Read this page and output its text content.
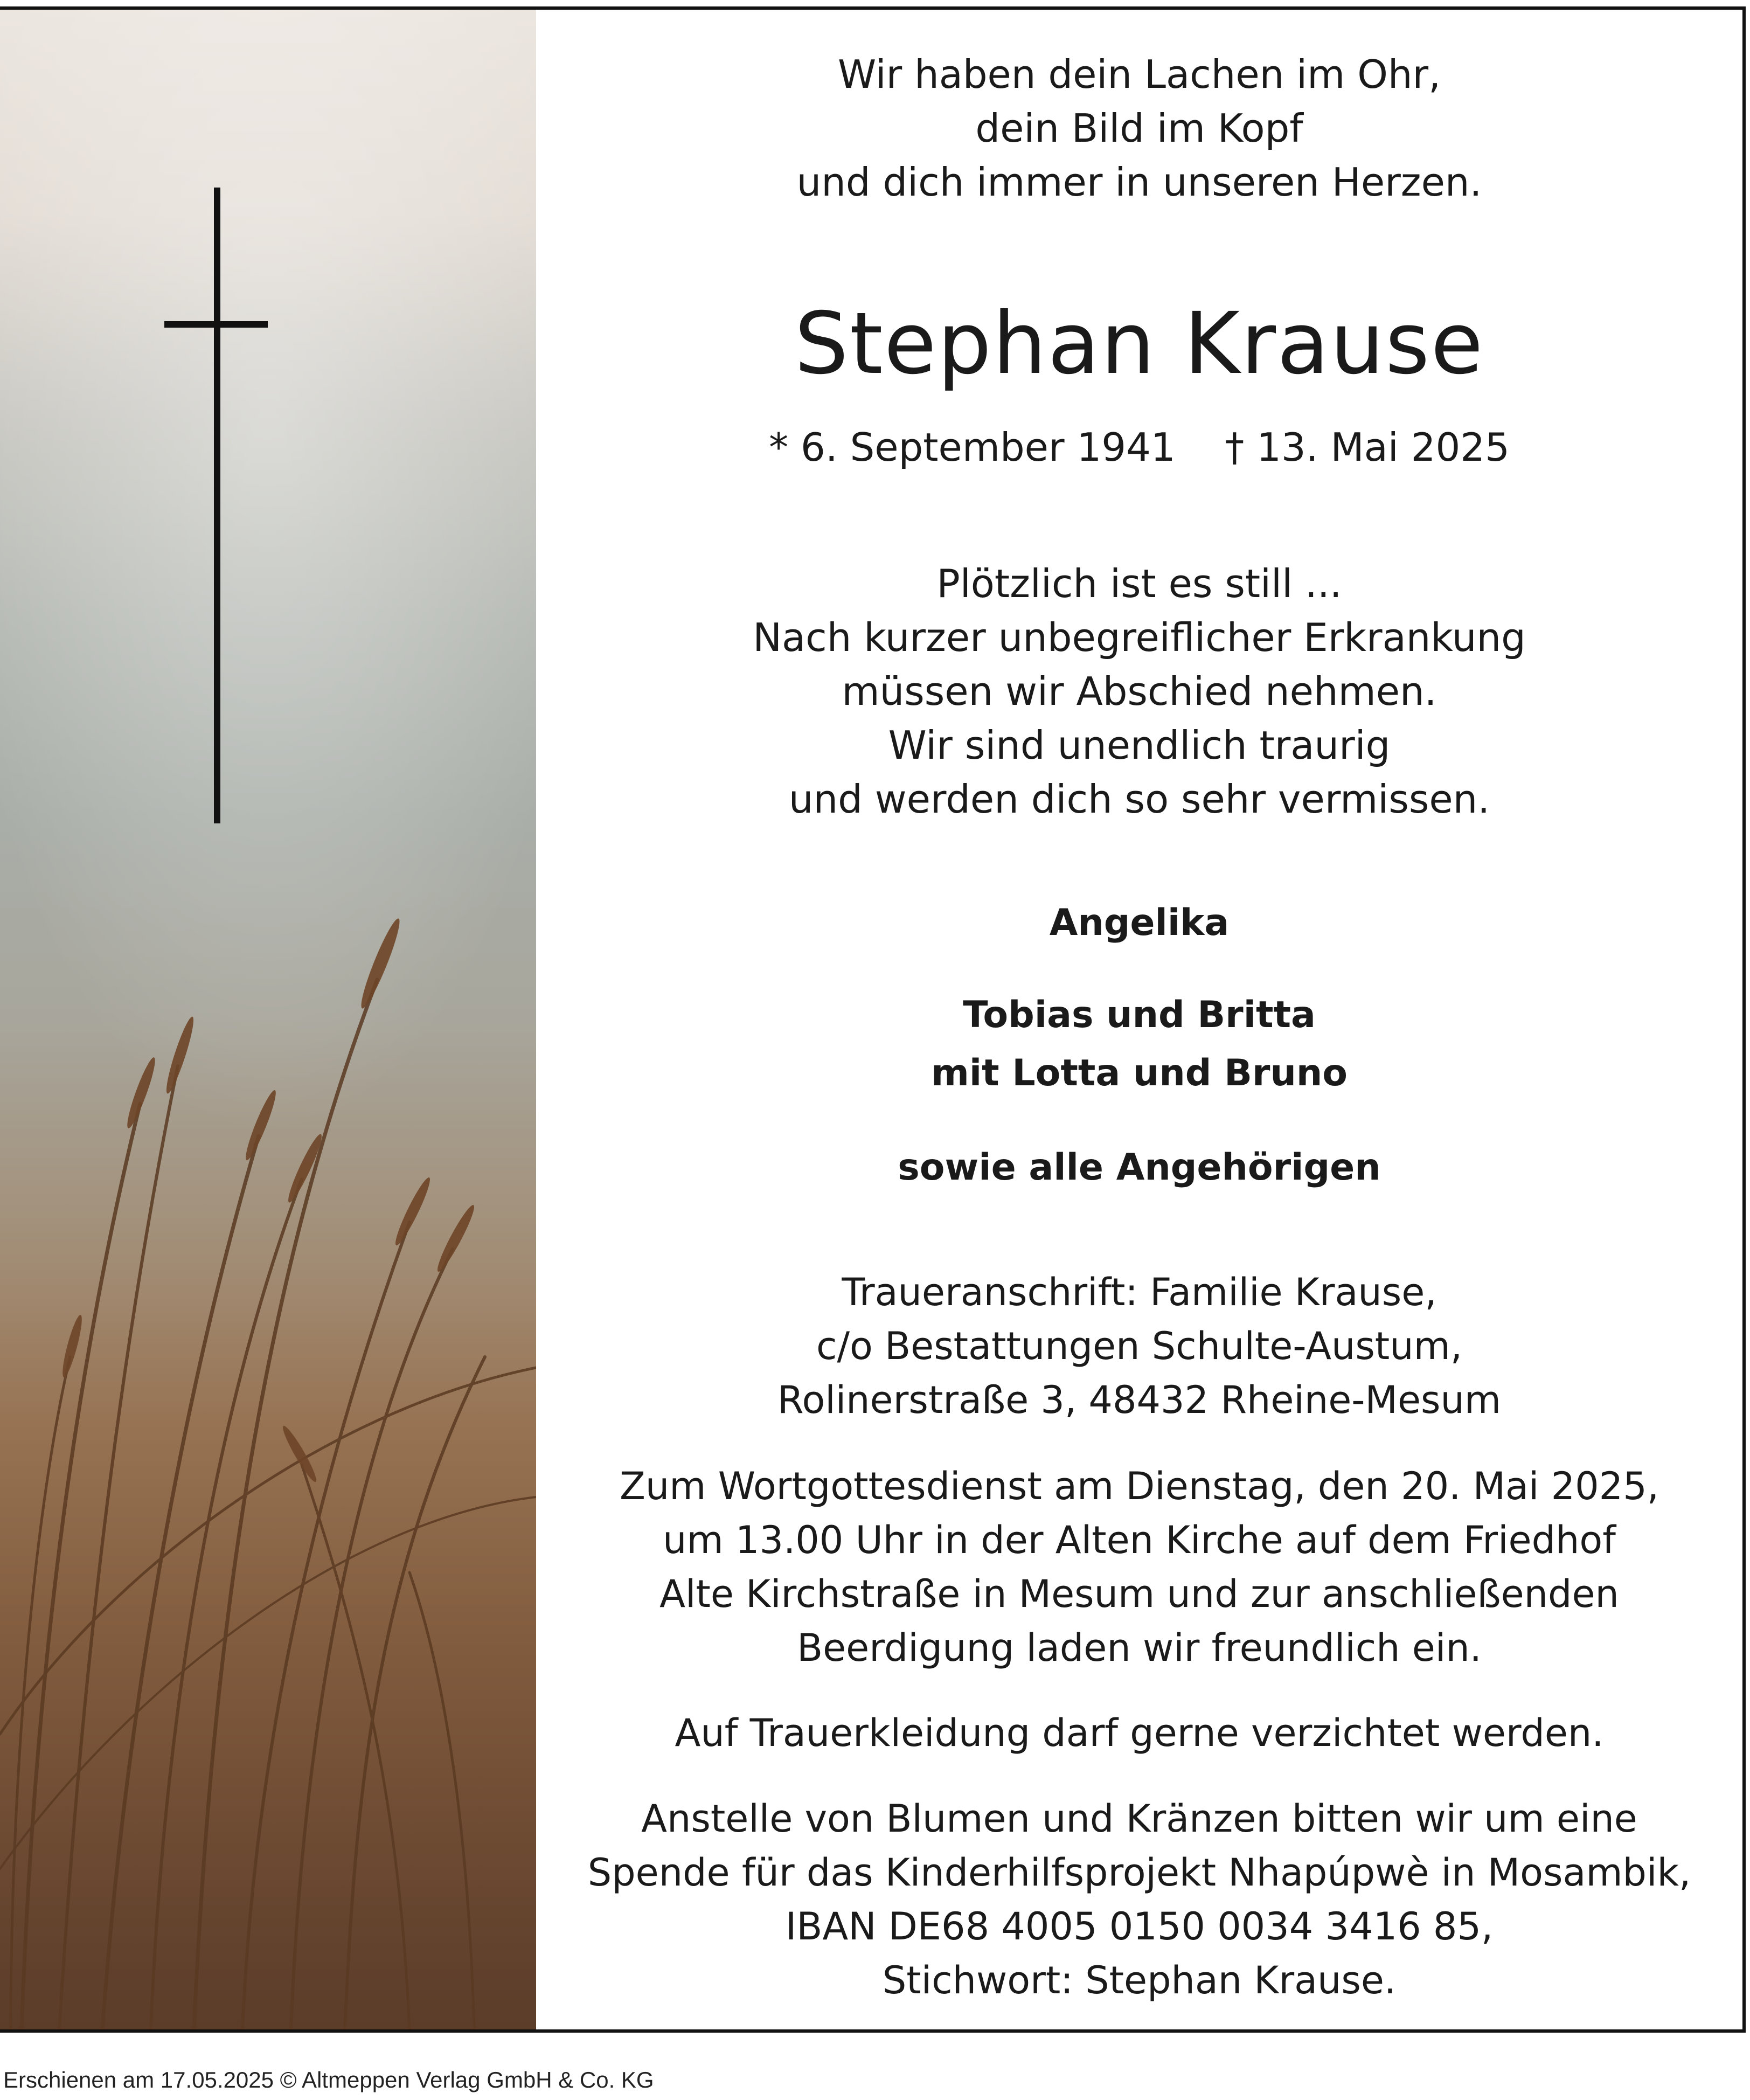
Wir haben dein Lachen im Ohr,
dein Bild im Kopf
und dich immer in unseren Herzen.
Stephan Krause
* 6. September 1941    † 13. Mai 2025
Plötzlich ist es still ...
Nach kurzer unbegreiflicher Erkrankung
müssen wir Abschied nehmen.
Wir sind unendlich traurig
und werden dich so sehr vermissen.
Angelika
Tobias und Britta
mit Lotta und Bruno
sowie alle Angehörigen
Traueranschrift: Familie Krause,
c/o Bestattungen Schulte-Austum,
Rolinerstraße 3, 48432 Rheine-Mesum
Zum Wortgottesdienst am Dienstag, den 20. Mai 2025,
um 13.00 Uhr in der Alten Kirche auf dem Friedhof
Alte Kirchstraße in Mesum und zur anschließenden
Beerdigung laden wir freundlich ein.
Auf Trauerkleidung darf gerne verzichtet werden.
Anstelle von Blumen und Kränzen bitten wir um eine
Spende für das Kinderhilfsprojekt Nhapúpwè in Mosambik,
IBAN DE68 4005 0150 0034 3416 85,
Stichwort: Stephan Krause.
Erschienen am 17.05.2025 © Altmeppen Verlag GmbH & Co. KG
